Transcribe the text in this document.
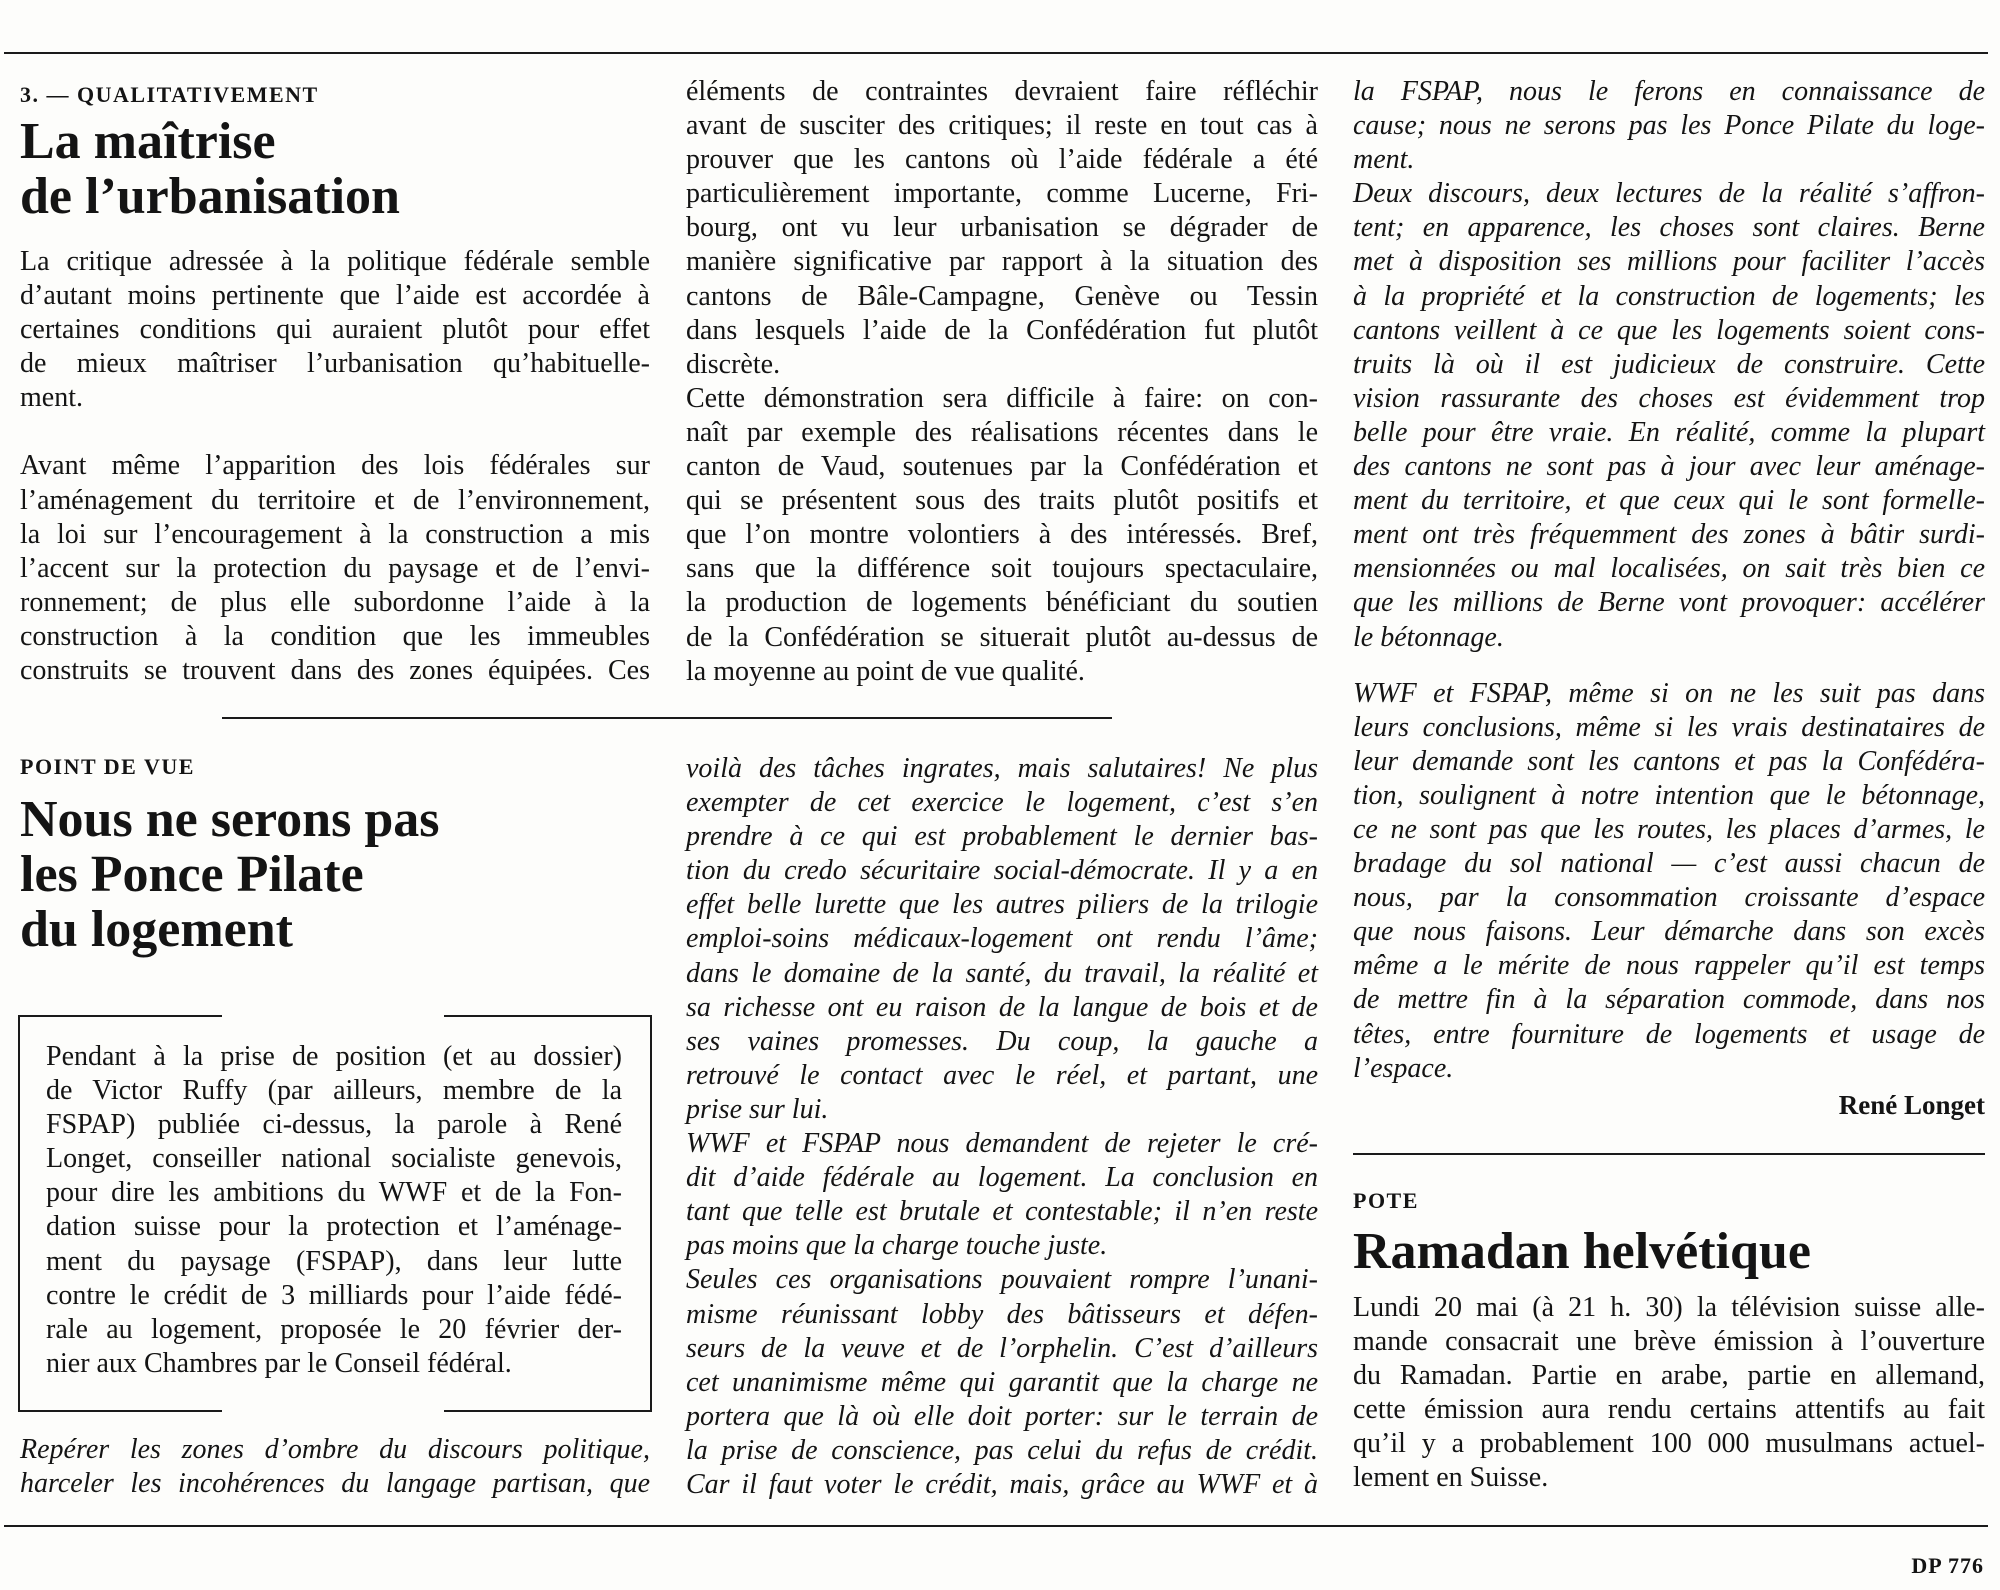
3. — QUALITATIVEMENT

La maîtrise

de l’urbanisation

La critique adressée à la politique fédérale semble

d’autant moins pertinente que l’aide est accordée à

certaines conditions qui auraient plutôt pour effet

de mieux maîtriser l’urbanisation qu’habituelle-

ment.

Avant même l’apparition des lois fédérales sur

l’aménagement du territoire et de l’environnement,

la loi sur l’encouragement à la construction a mis

l’accent sur la protection du paysage et de l’envi-

ronnement; de plus elle subordonne l’aide à la

construction à la condition que les immeubles

construits se trouvent dans des zones équipées. Ces

éléments de contraintes devraient faire réfléchir

avant de susciter des critiques; il reste en tout cas à

prouver que les cantons où l’aide fédérale a été

particulièrement importante, comme Lucerne, Fri-

bourg, ont vu leur urbanisation se dégrader de

manière significative par rapport à la situation des

cantons de Bâle-Campagne, Genève ou Tessin

dans lesquels l’aide de la Confédération fut plutôt

discrète.

Cette démonstration sera difficile à faire: on con-

naît par exemple des réalisations récentes dans le

canton de Vaud, soutenues par la Confédération et

qui se présentent sous des traits plutôt positifs et

que l’on montre volontiers à des intéressés. Bref,

sans que la différence soit toujours spectaculaire,

la production de logements bénéficiant du soutien

de la Confédération se situerait plutôt au-dessus de

la moyenne au point de vue qualité.

POINT DE VUE

Nous ne serons pas

les Ponce Pilate

du logement

Pendant à la prise de position (et au dossier)

de Victor Ruffy (par ailleurs, membre de la

FSPAP) publiée ci-dessus, la parole à René

Longet, conseiller national socialiste genevois,

pour dire les ambitions du WWF et de la Fon-

dation suisse pour la protection et l’aménage-

ment du paysage (FSPAP), dans leur lutte

contre le crédit de 3 milliards pour l’aide fédé-

rale au logement, proposée le 20 février der-

nier aux Chambres par le Conseil fédéral.

Repérer les zones d’ombre du discours politique,

harceler les incohérences du langage partisan, que

voilà des tâches ingrates, mais salutaires! Ne plus

exempter de cet exercice le logement, c’est s’en

prendre à ce qui est probablement le dernier bas-

tion du credo sécuritaire social-démocrate. Il y a en

effet belle lurette que les autres piliers de la trilogie

emploi-soins médicaux-logement ont rendu l’âme;

dans le domaine de la santé, du travail, la réalité et

sa richesse ont eu raison de la langue de bois et de

ses vaines promesses. Du coup, la gauche a

retrouvé le contact avec le réel, et partant, une

prise sur lui.

WWF et FSPAP nous demandent de rejeter le cré-

dit d’aide fédérale au logement. La conclusion en

tant que telle est brutale et contestable; il n’en reste

pas moins que la charge touche juste.

Seules ces organisations pouvaient rompre l’unani-

misme réunissant lobby des bâtisseurs et défen-

seurs de la veuve et de l’orphelin. C’est d’ailleurs

cet unanimisme même qui garantit que la charge ne

portera que là où elle doit porter: sur le terrain de

la prise de conscience, pas celui du refus de crédit.

Car il faut voter le crédit, mais, grâce au WWF et à

la FSPAP, nous le ferons en connaissance de

cause; nous ne serons pas les Ponce Pilate du loge-

ment.

Deux discours, deux lectures de la réalité s’affron-

tent; en apparence, les choses sont claires. Berne

met à disposition ses millions pour faciliter l’accès

à la propriété et la construction de logements; les

cantons veillent à ce que les logements soient cons-

truits là où il est judicieux de construire. Cette

vision rassurante des choses est évidemment trop

belle pour être vraie. En réalité, comme la plupart

des cantons ne sont pas à jour avec leur aménage-

ment du territoire, et que ceux qui le sont formelle-

ment ont très fréquemment des zones à bâtir surdi-

mensionnées ou mal localisées, on sait très bien ce

que les millions de Berne vont provoquer: accélérer

le bétonnage.

WWF et FSPAP, même si on ne les suit pas dans

leurs conclusions, même si les vrais destinataires de

leur demande sont les cantons et pas la Confédéra-

tion, soulignent à notre intention que le bétonnage,

ce ne sont pas que les routes, les places d’armes, le

bradage du sol national — c’est aussi chacun de

nous, par la consommation croissante d’espace

que nous faisons. Leur démarche dans son excès

même a le mérite de nous rappeler qu’il est temps

de mettre fin à la séparation commode, dans nos

têtes, entre fourniture de logements et usage de

l’espace.

René Longet

POTE

Ramadan helvétique

Lundi 20 mai (à 21 h. 30) la télévision suisse alle-

mande consacrait une brève émission à l’ouverture

du Ramadan. Partie en arabe, partie en allemand,

cette émission aura rendu certains attentifs au fait

qu’il y a probablement 100 000 musulmans actuel-

lement en Suisse.

DP 776
